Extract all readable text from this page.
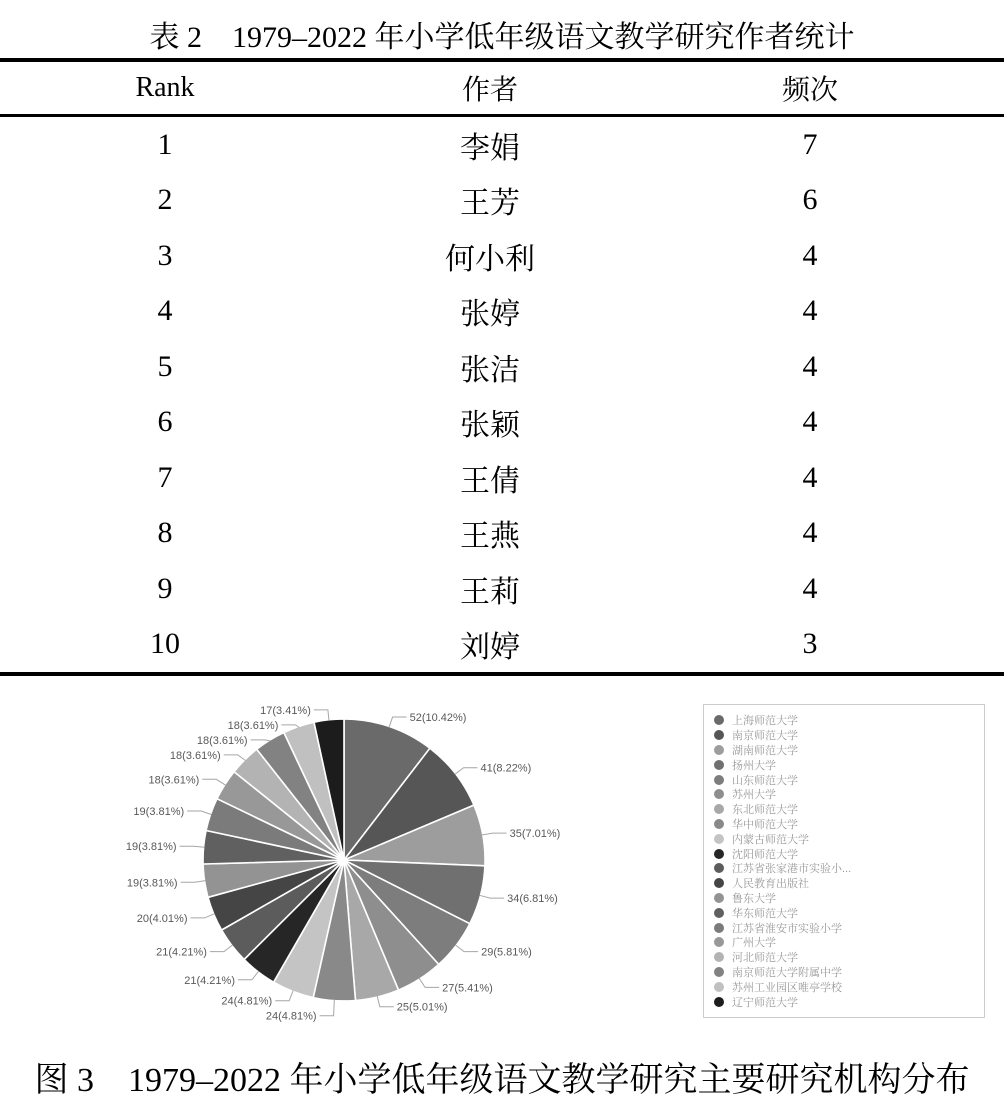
表 2　1979–2022 年小学低年级语文教学研究作者统计
Rank	作者	频次
1	李娟	7
2	王芳	6
3	何小利	4
4	张婷	4
5	张洁	4
6	张颖	4
7	王倩	4
8	王燕	4
9	王莉	4
10	刘婷	3
17(3.41%)
18(3.61%)
18(3.61%)
18(3.61%)
18(3.61%)
19(3.81%)
19(3.81%)
19(3.81%)
20(4.01%)
21(4.21%)
21(4.21%)
24(4.81%)
24(4.81%)
52(10.42%)
41(8.22%)
35(7.01%)
34(6.81%)
29(5.81%)
27(5.41%)
25(5.01%)
上海师范大学
南京师范大学
湖南师范大学
扬州大学
山东师范大学
苏州大学
东北师范大学
华中师范大学
内蒙古师范大学
沈阳师范大学
江苏省张家港市实验小...
人民教育出版社
鲁东大学
华东师范大学
江苏省淮安市实验小学
广州大学
河北师范大学
南京师范大学附属中学
苏州工业园区唯亭学校
辽宁师范大学
图 3　1979–2022 年小学低年级语文教学研究主要研究机构分布
